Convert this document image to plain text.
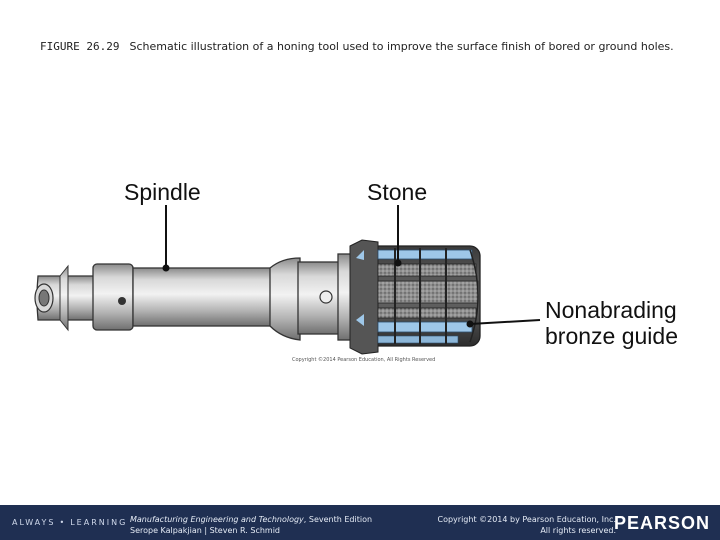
FIGURE 26.29 Schematic illustration of a honing tool used to improve the surface finish of bored or ground holes.
Spindle	Stone
Nonabrading
bronze guide
Copyright ©2014 Pearson Education, All Rights Reserved
ALWAYS • LEARNING Manufacturing Engineering and Technology, Seventh Edition
Serope Kalpakjian | Steven R. Schmid
Copyright ©2014 by Pearson Education, Inc.
All rights reserved.
PEARSON
